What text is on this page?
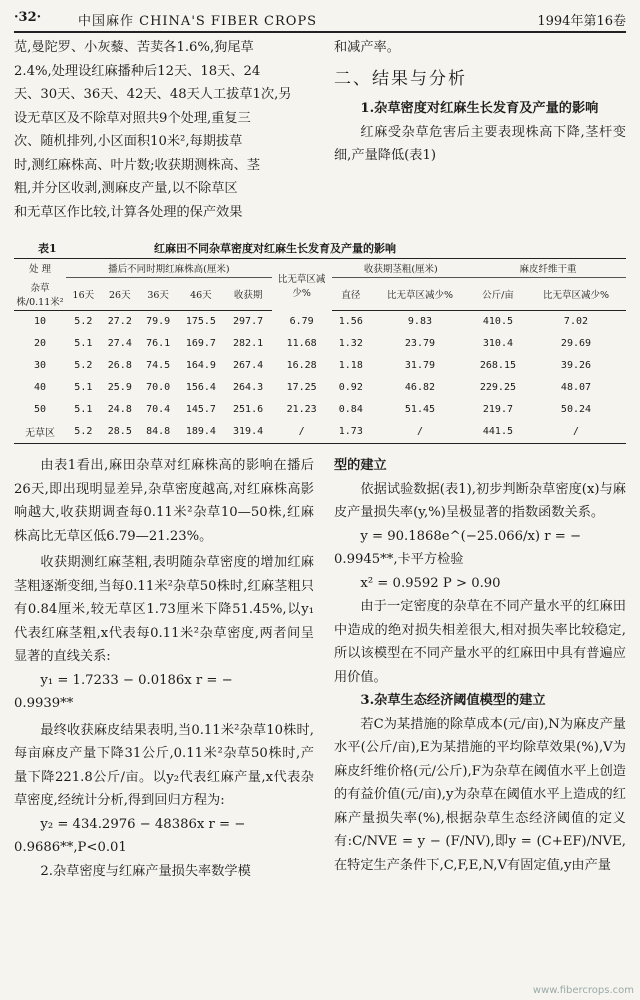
·32·	中国麻作 CHINA'S FIBER CROPS	1994年第16卷

苋,曼陀罗、小灰藜、苦荬各1.6%,狗尾草

2.4%,处理设红麻播种后12天、18天、24

天、30天、36天、42天、48天人工拔草1次,另

设无草区及不除草对照共9个处理,重复三

次、随机排列,小区面积10米²,每期拔草

时,测红麻株高、叶片数;收获期测株高、茎

粗,并分区收剥,测麻皮产量,以不除草区

和无草区作比较,计算各处理的保产效果

和减产率。

二、结果与分析

1.杂草密度对红麻生长发育及产量的影响

红麻受杂草危害后主要表现株高下降,茎杆变细,产量降低(表1)

表1	红麻田不同杂草密度对红麻生长发育及产量的影响
处 理	播后不同时期红麻株高(厘米)					比无草区减少%	收获期茎粗(厘米)		麻皮纤维干重	
杂草株/0.11米²	16天	26天	36天	46天	收获期		直径	比无草区减少%	公斤/亩	比无草区减少%
10	5.2	27.2	79.9	175.5	297.7	6.79	1.56	9.83	410.5	7.02
20	5.1	27.4	76.1	169.7	282.1	11.68	1.32	23.79	310.4	29.69
30	5.2	26.8	74.5	164.9	267.4	16.28	1.18	31.79	268.15	39.26
40	5.1	25.9	70.0	156.4	264.3	17.25	0.92	46.82	229.25	48.07
50	5.1	24.8	70.4	145.7	251.6	21.23	0.84	51.45	219.7	50.24
无草区	5.2	28.5	84.8	189.4	319.4	/	1.73	/	441.5	/

由表1看出,麻田杂草对红麻株高的影响在播后26天,即出现明显差异,杂草密度越高,对红麻株高影响越大,收获期调查每0.11米²杂草10—50株,红麻株高比无草区低6.79—21.23%。

收获期测红麻茎粗,表明随杂草密度的增加红麻茎粗逐渐变细,当每0.11米²杂草50株时,红麻茎粗只有0.84厘米,较无草区1.73厘米下降51.45%,以y₁代表红麻茎粗,x代表每0.11米²杂草密度,两者间呈显著的直线关系:

y₁ = 1.7233 − 0.0186x r = −

0.9939**

最终收获麻皮结果表明,当0.11米²杂草10株时,每亩麻皮产量下降31公斤,0.11米²杂草50株时,产量下降221.8公斤/亩。以y₂代表红麻产量,x代表杂草密度,经统计分析,得到回归方程为:

y₂ = 434.2976 − 48386x r = −

0.9686**,P<0.01

2.杂草密度与红麻产量损失率数学模

型的建立

依据试验数据(表1),初步判断杂草密度(x)与麻皮产量损失率(y,%)呈极显著的指数函数关系。

y = 90.1868e^(−25.066/x) r = −

0.9945**,卡平方检验

x² = 0.9592 P > 0.90

由于一定密度的杂草在不同产量水平的红麻田中造成的绝对损失相差很大,相对损失率比较稳定,所以该模型在不同产量水平的红麻田中具有普遍应用价值。

3.杂草生态经济阈值模型的建立

若C为某措施的除草成本(元/亩),N为麻皮产量水平(公斤/亩),E为某措施的平均除草效果(%),V为麻皮纤维价格(元/公斤),F为杂草在阈值水平上创造的有益价值(元/亩),y为杂草在阈值水平上造成的红麻产量损失率(%),根据杂草生态经济阈值的定义有:C/NVE = y − (F/NV),即y = (C+EF)/NVE,在特定生产条件下,C,F,E,N,V有固定值,y由产量

www.fibercrops.com
